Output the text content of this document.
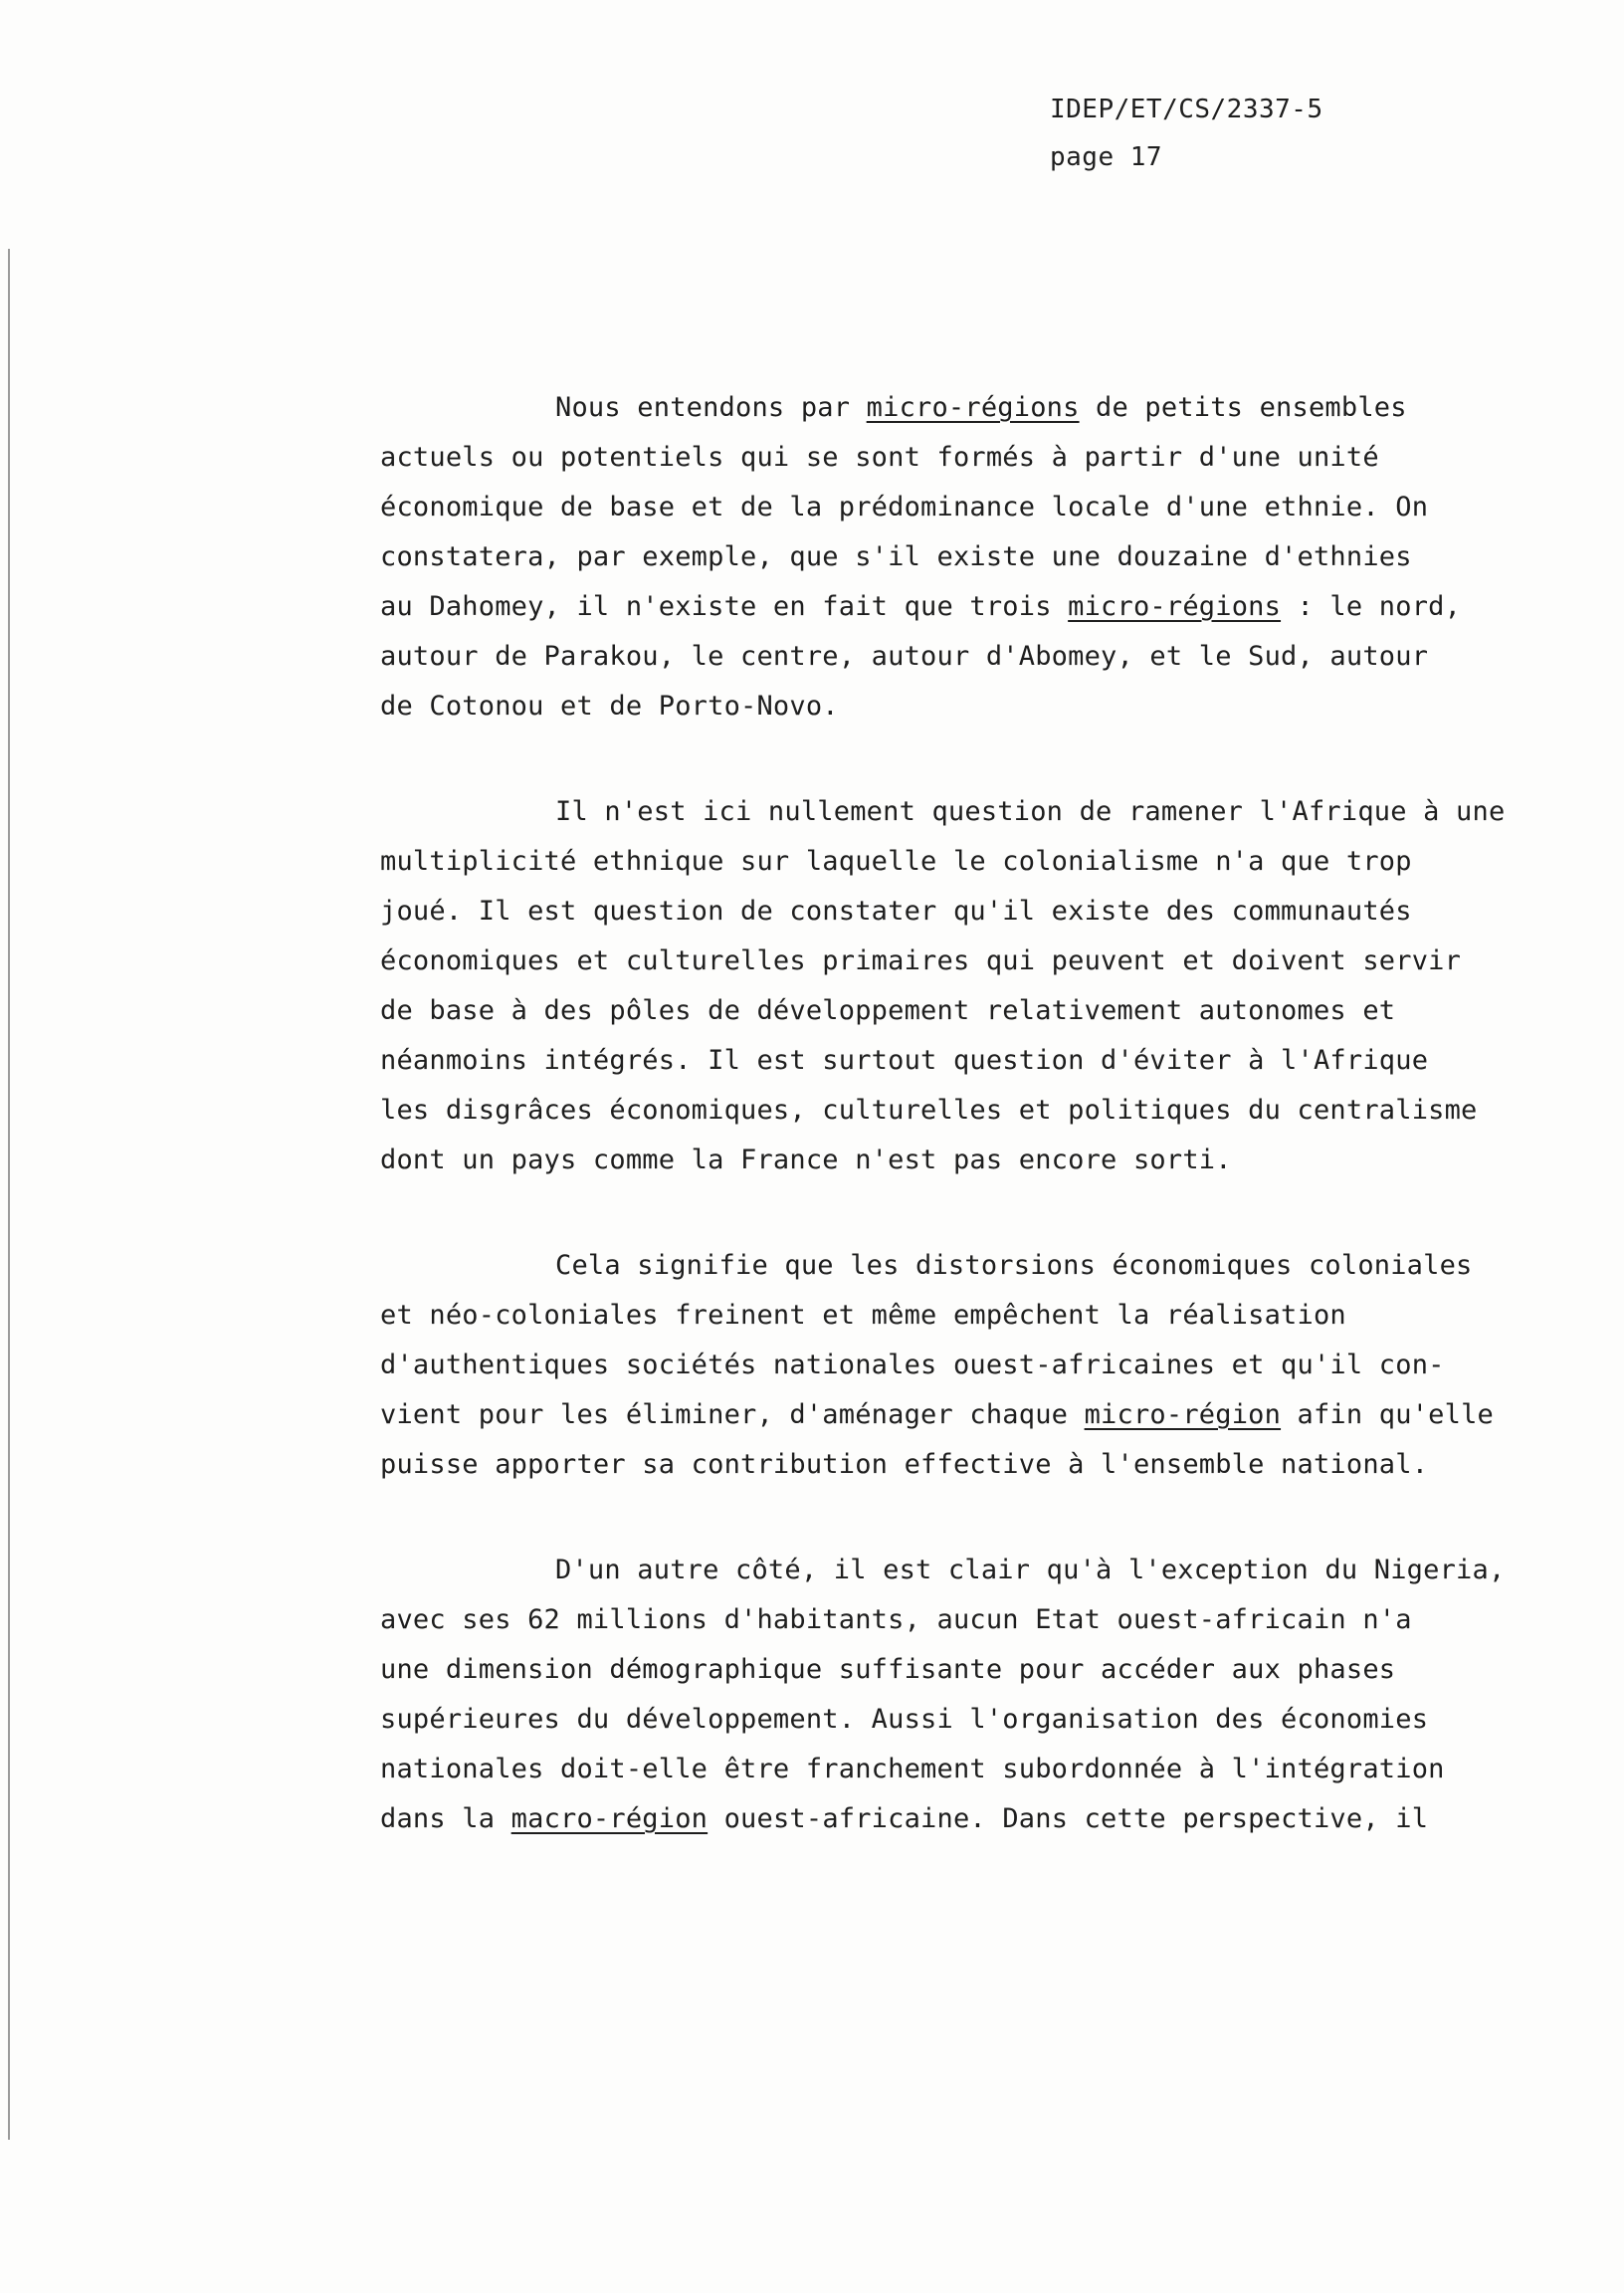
IDEP/ET/CS/2337-5
page 17
Nous entendons par micro-régions de petits ensembles
actuels ou potentiels qui se sont formés à partir d'une unité
économique de base et de la prédominance locale d'une ethnie. On
constatera, par exemple, que s'il existe une douzaine d'ethnies
au Dahomey, il n'existe en fait que trois micro-régions : le nord,
autour de Parakou, le centre, autour d'Abomey, et le Sud, autour
de Cotonou et de Porto-Novo.
Il n'est ici nullement question de ramener l'Afrique à une
multiplicité ethnique sur laquelle le colonialisme n'a que trop
joué. Il est question de constater qu'il existe des communautés
économiques et culturelles primaires qui peuvent et doivent servir
de base à des pôles de développement relativement autonomes et
néanmoins intégrés. Il est surtout question d'éviter à l'Afrique
les disgrâces économiques, culturelles et politiques du centralisme
dont un pays comme la France n'est pas encore sorti.
Cela signifie que les distorsions économiques coloniales
et néo-coloniales freinent et même empêchent la réalisation
d'authentiques sociétés nationales ouest-africaines et qu'il con-
vient pour les éliminer, d'aménager chaque micro-région afin qu'elle
puisse apporter sa contribution effective à l'ensemble national.
D'un autre côté, il est clair qu'à l'exception du Nigeria,
avec ses 62 millions d'habitants, aucun Etat ouest-africain n'a
une dimension démographique suffisante pour accéder aux phases
supérieures du développement. Aussi l'organisation des économies
nationales doit-elle être franchement subordonnée à l'intégration
dans la macro-région ouest-africaine. Dans cette perspective, il
